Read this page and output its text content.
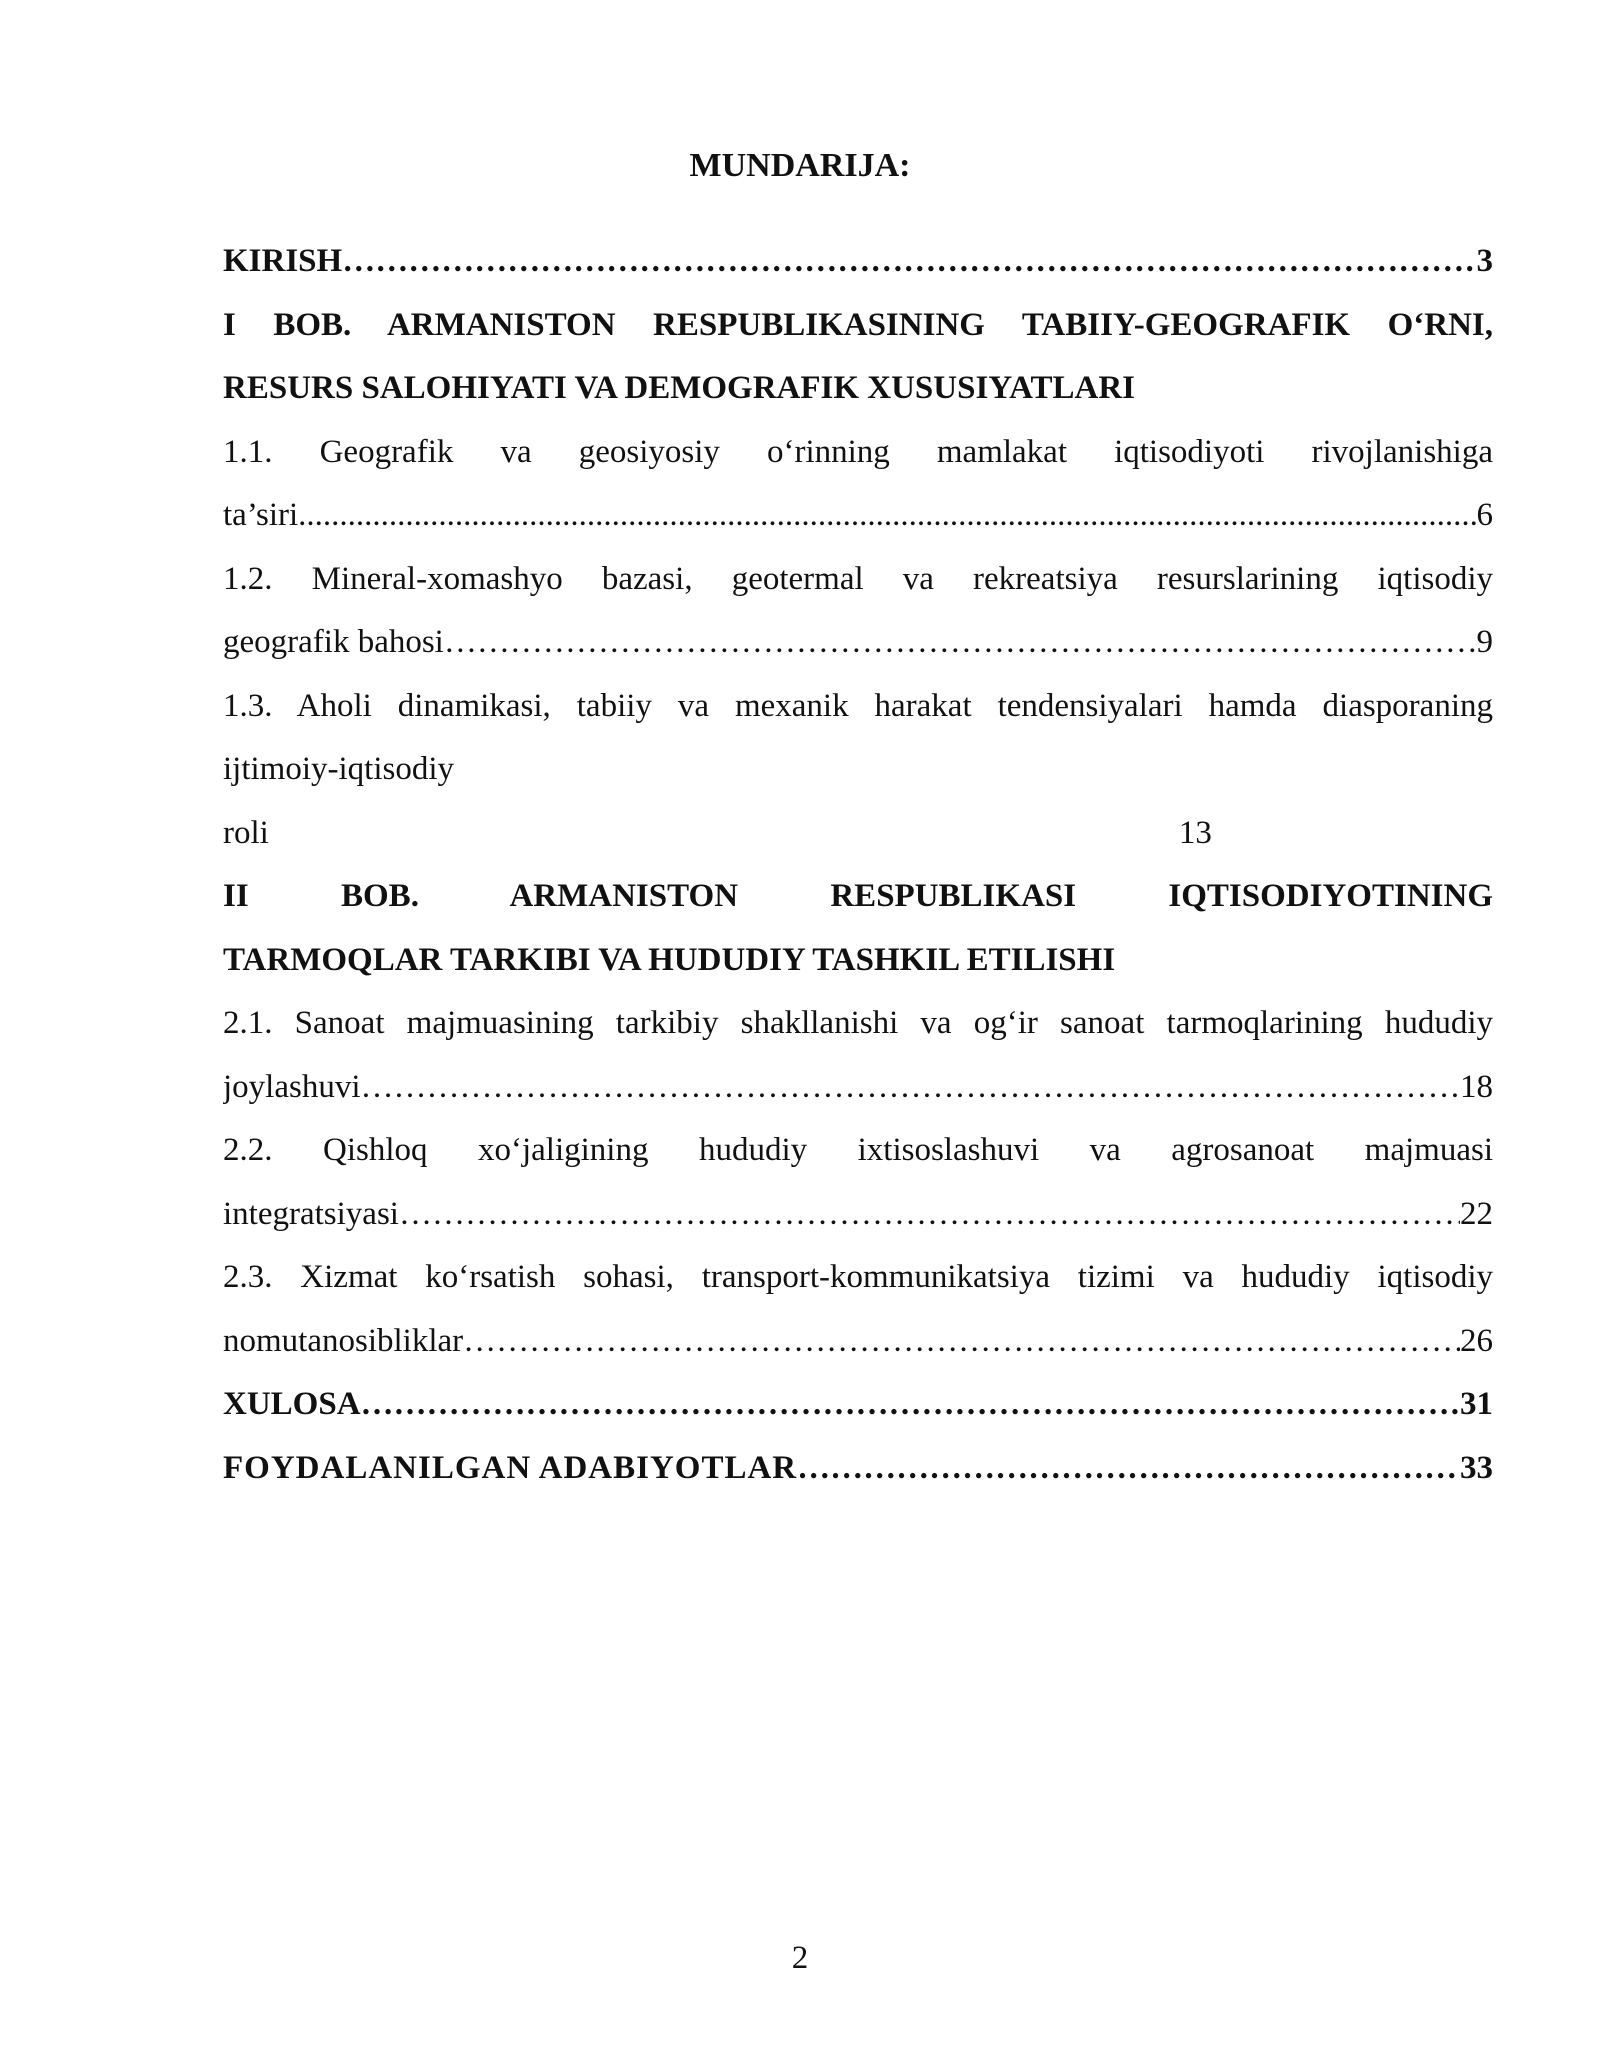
MUNDARIJA:
KIRISH …………………………………………………………………………………………………………………………………………………………………………………………………………………………………………………………………	3
I BOB. ARMANISTON RESPUBLIKASINING TABIIY-GEOGRAFIK O‘RNI,
RESURS SALOHIYATI VA DEMOGRAFIK XUSUSIYATLARI
1.1. Geografik va geosiyosiy o‘rinning mamlakat iqtisodiyoti rivojlanishiga
ta’siri .....	6
1.2. Mineral-xomashyo bazasi, geotermal va rekreatsiya resurslarining iqtisodiy
geografik bahosi …………………………………………………………………………………………………………………………………………………………………………………………………………………………………………………………………	9
1.3. Aholi dinamikasi, tabiiy va mexanik harakat tendensiyalari hamda diasporaning
ijtimoiy-iqtisodiy
roli	13
II BOB. ARMANISTON RESPUBLIKASI IQTISODIYOTINING
TARMOQLAR TARKIBI VA HUDUDIY TASHKIL ETILISHI
2.1. Sanoat majmuasining tarkibiy shakllanishi va og‘ir sanoat tarmoqlarining hududiy
joylashuvi …………………………………………………………………………………………………………………………………………………………………………………………………………………………………………………………………	18
2.2. Qishloq xo‘jaligining hududiy ixtisoslashuvi va agrosanoat majmuasi
integratsiyasi …………………………………………………………………………………………………………………………………………………………………………………………………………………………………………………………………	22
2.3. Xizmat ko‘rsatish sohasi, transport-kommunikatsiya tizimi va hududiy iqtisodiy
nomutanosibliklar …………………………………………………………………………………………………………………………………………………………………………………………………………………………………………………………………	26
XULOSA …………………………………………………………………………………………………………………………………………………………………………………………………………………………………………………………………	31
FOYDALANILGAN ADABIYOTLAR …………………………………………………………………………………………………………………………………………………………………………………………………………………………………………………………………	33
2
